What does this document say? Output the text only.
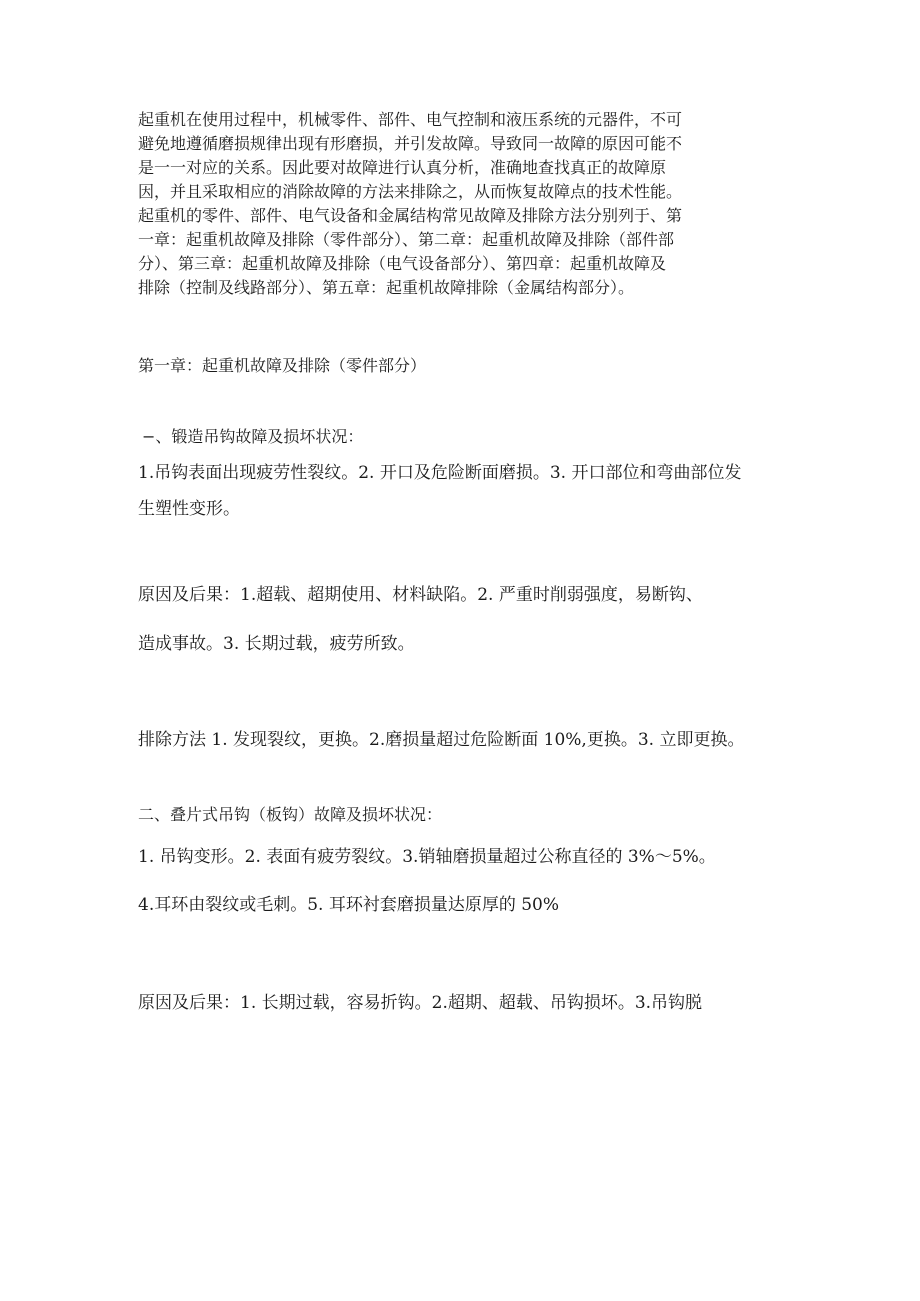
起重机在使用过程中，机械零件、部件、电气控制和液压系统的元器件，不可
避免地遵循磨损规律出现有形磨损，并引发故障。导致同一故障的原因可能不
是一一对应的关系。因此要对故障进行认真分析，准确地查找真正的故障原
因，并且采取相应的消除故障的方法来排除之，从而恢复故障点的技术性能。
起重机的零件、部件、电气设备和金属结构常见故障及排除方法分别列于、第
一章：起重机故障及排除（零件部分）、第二章：起重机故障及排除（部件部
分）、第三章：起重机故障及排除（电气设备部分）、第四章：起重机故障及
排除（控制及线路部分）、第五章：起重机故障排除（金属结构部分）。

第一章：起重机故障及排除（零件部分）

−、锻造吊钩故障及损坏状况：

1.吊钩表面出现疲劳性裂纹。2. 开口及危险断面磨损。3. 开口部位和弯曲部位发

生塑性变形。

原因及后果：1.超载、超期使用、材料缺陷。2. 严重时削弱强度，易断钩、

造成事故。3. 长期过载，疲劳所致。

排除方法 1. 发现裂纹，更换。2.磨损量超过危险断面 10%,更换。3. 立即更换。

二、叠片式吊钩（板钩）故障及损坏状况：

1. 吊钩变形。2. 表面有疲劳裂纹。3.销轴磨损量超过公称直径的 3%～5%。

4.耳环由裂纹或毛刺。5. 耳环衬套磨损量达原厚的 50%

原因及后果：1. 长期过载，容易折钩。2.超期、超载、吊钩损坏。3.吊钩脱
